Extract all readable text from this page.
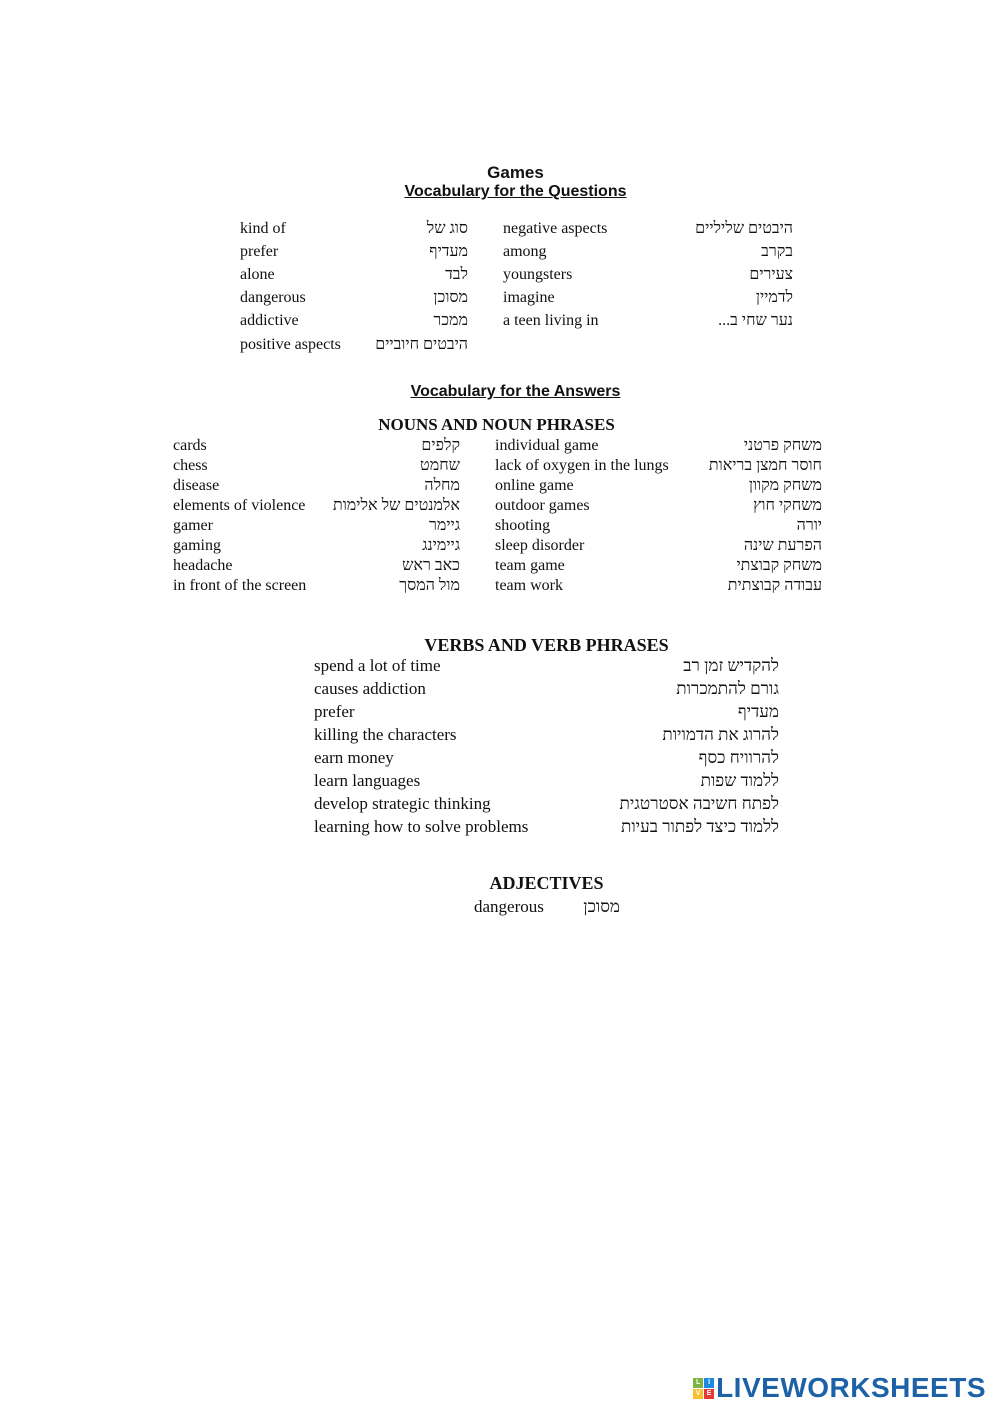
Games
Vocabulary for the Questions
kind of	סוג של negative aspects	היבטים שליליים
prefer	מעדיף among	בקרב
alone	לבד youngsters	צעירים
dangerous	מסוכן imagine	לדמיין
addictive	ממכר a teen living in	נער שחי ב...
positive aspects היבטים חיוביים
Vocabulary for the Answers
NOUNS AND NOUN PHRASES
cards	קלפים individual game	משחק פרטני
chess	שחמט lack of oxygen in the lungs	חוסר חמצן בריאות
disease	מחלה online game	משחק מקוון
elements of violence אלמנטים של אלימות outdoor games	משחקי חוץ
gamer	גיימר shooting	יורה
gaming	גיימינג sleep disorder	הפרעת שינה
headache	כאב ראש team game	משחק קבוצתי
in front of the screen	מול המסך team work	עבודה קבוצתית
VERBS AND VERB PHRASES
spend a lot of time	להקדיש זמן רב
causes addiction	גורם להתמכרות
prefer	מעדיף
killing the characters	להרוג את הדמויות
earn money	להרוויח כסף
learn languages	ללמוד שפות
develop strategic thinking	לפתח חשיבה אסטרטגית
learning how to solve problems	ללמוד כיצד לפתור בעיות
ADJECTIVES
dangerous מסוכן
L	I
V E LIVEWORKSHEETS
